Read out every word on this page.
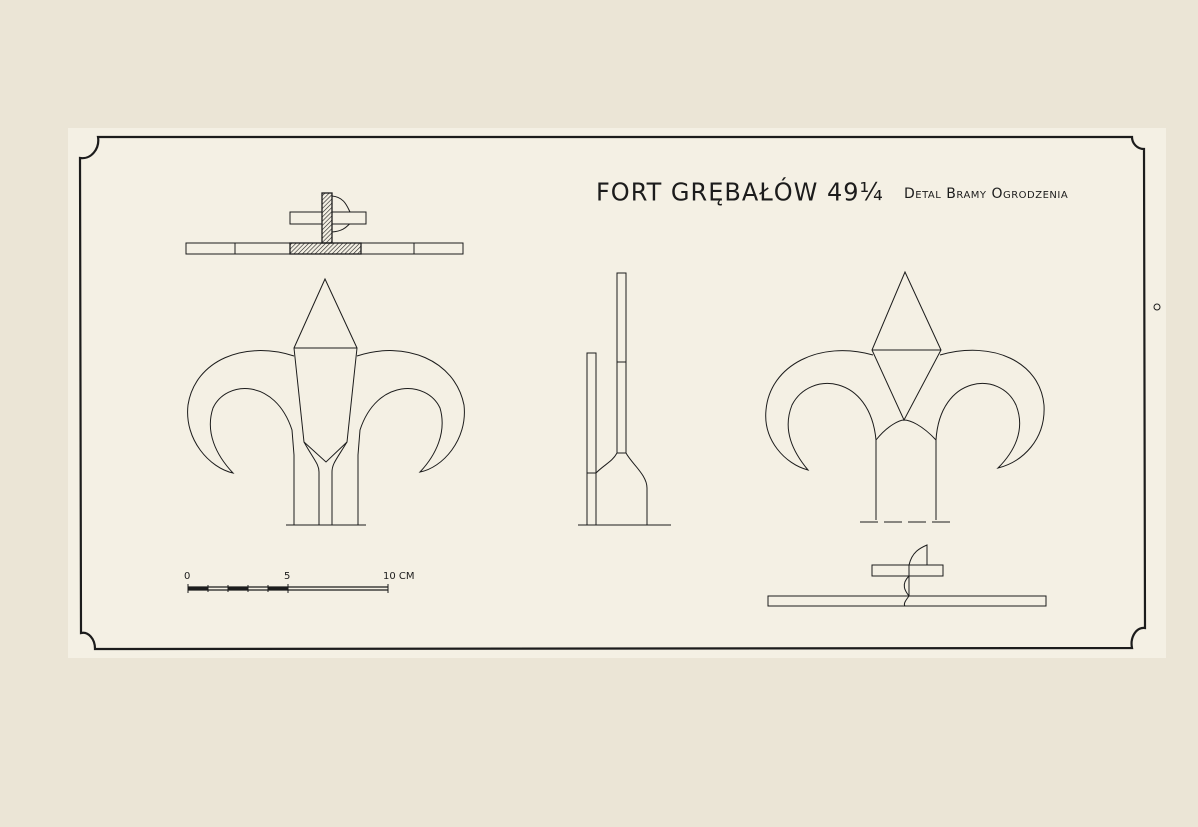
FORT GRĘBAŁÓW 49¼ Detal Bramy Ogrodzenia

0	5	10 CM
